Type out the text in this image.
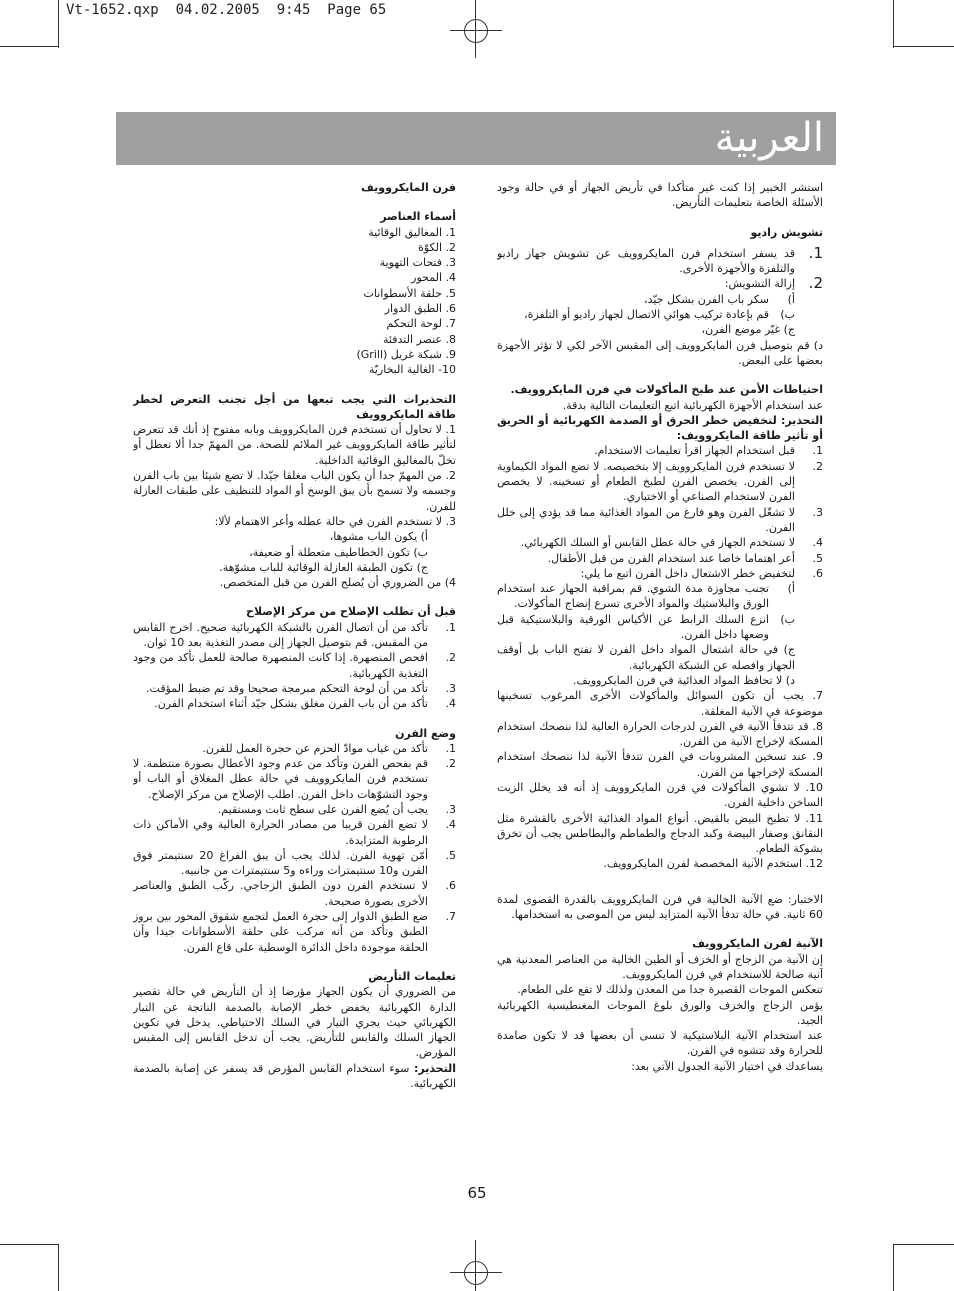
Vt-1652.qxp  04.02.2005  9:45  Page 65
العربية

استشر الخبير إذا كنت غير متأكدا في تأريض الجهاز أو في حالة وجود الأسئلة الخاصة بتعليمات التأريض.

تشويش راديو

1.
قد يسفر استخدام فرن المايكروويف عن تشويش جهاز راديو والتلفزة والأجهزة الأخرى.
2.
إزالة التشويش:
أ)
سكر باب الفرن بشكل جيّد،
ب)
قم بإعادة تركيب هوائي الاتصال لجهاز راديو أو التلفزة،

ج) غيّر موضع الفرن،

د) قم بتوصيل فرن المايكروويف إلى المقبس الآخر لكي لا تؤثر الأجهزة بعضها على البعض.

احتياطات الأمن عند طبخ المأكولات في فرن المايكروويف.

عند استخدام الأجهزة الكهربائية اتبع التعليمات التالية بدقة.

التحذير: لتخفيض خطر الحرق أو الصدمة الكهربائية أو الحريق أو تأثير طاقة المايكروويف:

1.
قبل استخدام الجهاز اقرأ تعليمات الاستخدام.
2.
لا تستخدم فرن المايكروويف إلا بتخصيصه. لا تضع المواد الكيماوية إلى الفرن. يخصص الفرن لطبخ الطعام أو تسخينه. لا يخصص الفرن لاستخدام الصناعي أو الاختباري.
3.
لا تشغّل الفرن وهو فارغ من المواد الغذائية مما قد يؤدي إلى خلل الفرن.
4.
لا تستخدم الجهاز في حالة عطل القابس أو السلك الكهربائي.
5.
أعر اهتماما خاصا عند استخدام الفرن من قبل الأطفال.
6.
لتخفيض خطر الاشتعال داخل الفرن اتبع ما يلي:
أ)
تجنب مجاوزة مدة الشوي. قم بمراقبة الجهاز عند استخدام الورق والبلاستيك والمواد الأخرى تسرع إنضاج المأكولات.
ب)
انزع السلك الرابط عن الأكياس الورقية والبلاستيكية قبل وضعها داخل الفرن.

ج) في حالة اشتعال المواد داخل الفرن لا تفتح الباب بل أوقف الجهاز وافصله عن الشبكة الكهربائية.

د) لا تحافظ المواد الغذائية في فرن المايكروويف.

7. يجب أن تكون السوائل والمأكولات الأخرى المرغوب تسخينها موضوعة في الآنية المغلقة.

8. قد تتدفأ الآنية في الفرن لدرجات الحرارة العالية لذا ننصحك استخدام المسكة لإخراج الآنية من الفرن.

9. عند تسخين المشروبات في الفرن تتدفأ الآنية لذا ننصحك استخدام المسكة لإخراجها من الفرن.

10. لا تشوي المأكولات في فرن المايكروويف إذ أنه قد يخلل الزيت الساخن داخلية الفرن.

11. لا تطبخ البيض بالقيض. أنواع المواد الغذائية الأخرى بالقشرة مثل النقانق وصفار البيضة وكبد الدجاج والطماطم والبطاطس يجب أن تخرق بشوكة الطعام.

12. استخدم الآنية المخصصة لفرن المايكروويف.

الاختبار: ضع الآنية الخالية في فرن المايكروويف بالقدرة القصوى لمدة 60 ثانية. في حالة تدفأ الآنية المتزايد ليس من الموصى به استخدامها.

الآنية لفرن المايكروويف

إن الآنية من الزجاج أو الخزف أو الطين الخالية من العناصر المعدنية هي آنية صالحة للاستخدام في فرن المايكروويف.

تنعكس الموجات القصيرة جدا من المعدن ولذلك لا تقع على الطعام.

يؤمن الزجاج والخزف والورق بلوغ الموجات المغنطيسية الكهربائية الجيد.

عند استخدام الآنية البلاستيكية لا تنسى أن بعضها قد لا تكون صامدة للحرارة وقد تتشوه في الفرن.

يساعدك في اختيار الآنية الجدول الآتي بعد:

فرن المايكروويف

أسماء العناصر

1. المغاليق الوقائية

2. الكوّة

3. فتحات التهوية

4. المحور

5. حلقة الأسطوانات

6. الطبق الدوار

7. لوحة التحكم

8. عنصر التدفئة

9. شبكة غريل (Grill)

10- الغالية البخاريّة

التحذيرات التي يجب تبعها من أجل تجنب التعرض لخطر طاقة المايكروويف

1. لا تحاول أن تستخدم فرن المايكروويف وبابه مفتوح إذ أنك قد تتعرض لتأثير طاقة المايكروويف غير الملائم للصحة. من المهمّ جدا ألا تعطل أو تخلّ بالمغاليق الوقائية الداخلية.

2. من المهمّ جدا أن يكون الباب مغلقا جيّدا. لا تضع شيئا بين باب الفرن وجسمه ولا تسمح بأن يبق الوسخ أو المواد للتنظيف على طبقات العازلة للفرن.

3. لا تستخدم الفرن في حالة عطله وأعر الاهتمام لألا:

أ) يكون الباب مشوها،

ب) تكون الخطاطيف متعطلة أو ضعيفة،

ج) تكون الطبقة العازلة الوقائية للباب مشوّهة.

4) من الضروري أن يُصلح الفرن من قبل المتخصص.

قبل أن تطلب الإصلاح من مركز الإصلاح

1.
تأكد من أن اتصال الفرن بالشبكة الكهربائية صحيح. اخرج القابس من المقبس. قم بتوصيل الجهاز إلى مصدر التغذية بعد 10 ثوان.
2.
افحص المنصهرة. إذا كانت المنصهرة صالحة للعمل تأكد من وجود التغذية الكهربائية.
3.
تأكد من أن لوحة التحكم مبرمجة صحيحا وقد تم ضبط المؤقت.
4.
تأكد من أن باب الفرن مغلق بشكل جيّد أثناء استخدام الفرن.

وضع الفرن

1.
تأكد من غياب موادّ الحزم عن حجرة العمل للفرن.
2.
قم بفحص الفرن وتأكد من عدم وجود الأعطال بصورة منتظمة. لا تستخدم فرن المايكروويف في حالة عطل المغلاق أو الباب أو وجود التشوّهات داخل الفرن. اطلب الإصلاح من مركز الإصلاح.
3.
يجب أن يُضع الفرن على سطح ثابت ومستقيم.
4.
لا تضع الفرن قريبا من مصادر الحرارة العالية وفي الأماكن ذات الرطوبة المتزايدة.
5.
أمّن تهوية الفرن. لذلك يجب أن يبق الفراغ 20 سنتيمتر فوق الفرن و10 سنتيمترات وراءه و5 سنتيمترات من جانبيه.
6.
لا تستخدم الفرن دون الطبق الزجاجي. ركّب الطبق والعناصر الأخرى بصورة صحيحة.
7.
ضع الطبق الدوار إلى حجرة العمل لتجمع شقوق المحور بين بروز الطبق وتأكد من أنه مركب على حلقة الأسطوانات جيدا وأن الحلقة موجودة داخل الدائرة الوسطية على قاع الفرن.

تعليمات التأريض

من الضروري أن يكون الجهاز مؤرضا إذ أن التأريض في حالة تقصير الدارة الكهربائية يخفض خطر الإصابة بالصدمة الناتجة عن التيار الكهربائي حيث يجري التيار في السلك الاحتياطي. يدخل في تكوين الجهاز السلك والقابس للتأريض. يجب أن تدخل القابس إلى المقبس المؤرض.

التحذير: سوء استخدام القابس المؤرض قد يسفر عن إصابة بالصدمة الكهربائية.

65
